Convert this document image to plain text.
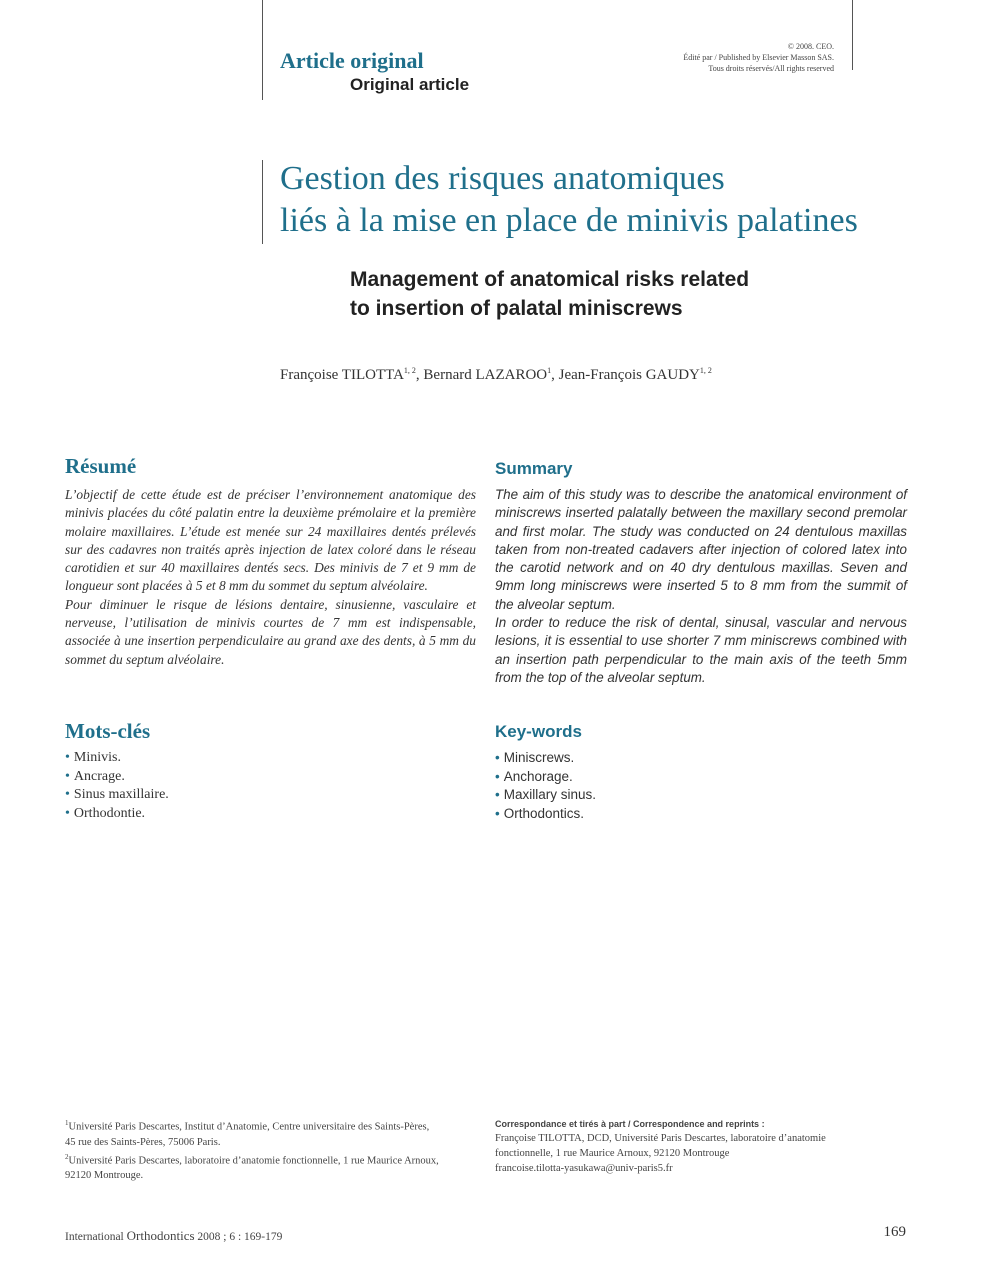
Article original
Original article
© 2008. CEO.
Édité par / Published by Elsevier Masson SAS.
Tous droits réservés/All rights reserved
Gestion des risques anatomiques
liés à la mise en place de minivis palatines
Management of anatomical risks related
to insertion of palatal miniscrews
Françoise TILOTTA$^{1, 2}$, Bernard LAZAROO$^1$, Jean-François GAUDY$^{1, 2}$
Résumé

L’objectif de cette étude est de préciser l’environnement anatomique des minivis placées du côté palatin entre la deuxième prémolaire et la première molaire maxillaires. L’étude est menée sur 24 maxillaires dentés prélevés sur des cadavres non traités après injection de latex coloré dans le réseau carotidien et sur 40 maxillaires dentés secs. Des minivis de 7 et 9 mm de longueur sont placées à 5 et 8 mm du sommet du septum alvéolaire.

Pour diminuer le risque de lésions dentaire, sinusienne, vasculaire et nerveuse, l’utilisation de minivis courtes de 7 mm est indispensable, associée à une insertion perpendiculaire au grand axe des dents, à 5 mm du sommet du septum alvéolaire.

Summary

The aim of this study was to describe the anatomical environment of miniscrews inserted palatally between the maxillary second premolar and first molar. The study was conducted on 24 dentulous maxillas taken from non-treated cadavers after injection of colored latex into the carotid network and on 40 dry dentulous maxillas. Seven and 9mm long miniscrews were inserted 5 to 8 mm from the summit of the alveolar septum.

In order to reduce the risk of dental, sinusal, vascular and nervous lesions, it is essential to use shorter 7 mm miniscrews combined with an insertion path perpendicular to the main axis of the teeth 5mm from the top of the alveolar septum.

Mots-clés
• Minivis.
• Ancrage.
• Sinus maxillaire.
• Orthodontie.
Key-words
• Miniscrews.
• Anchorage.
• Maxillary sinus.
• Orthodontics.
$^1$Université Paris Descartes, Institut d’Anatomie, Centre universitaire des Saints-Pères,
45 rue des Saints-Pères, 75006 Paris.
$^2$Université Paris Descartes, laboratoire d’anatomie fonctionnelle, 1 rue Maurice Arnoux,
92120 Montrouge.
Correspondance et tirés à part / Correspondence and reprints :
Françoise TILOTTA, DCD, Université Paris Descartes, laboratoire d’anatomie
fonctionnelle, 1 rue Maurice Arnoux, 92120 Montrouge
francoise.tilotta-yasukawa@univ-paris5.fr
International Orthodontics 2008 ; 6 : 169-179	169
